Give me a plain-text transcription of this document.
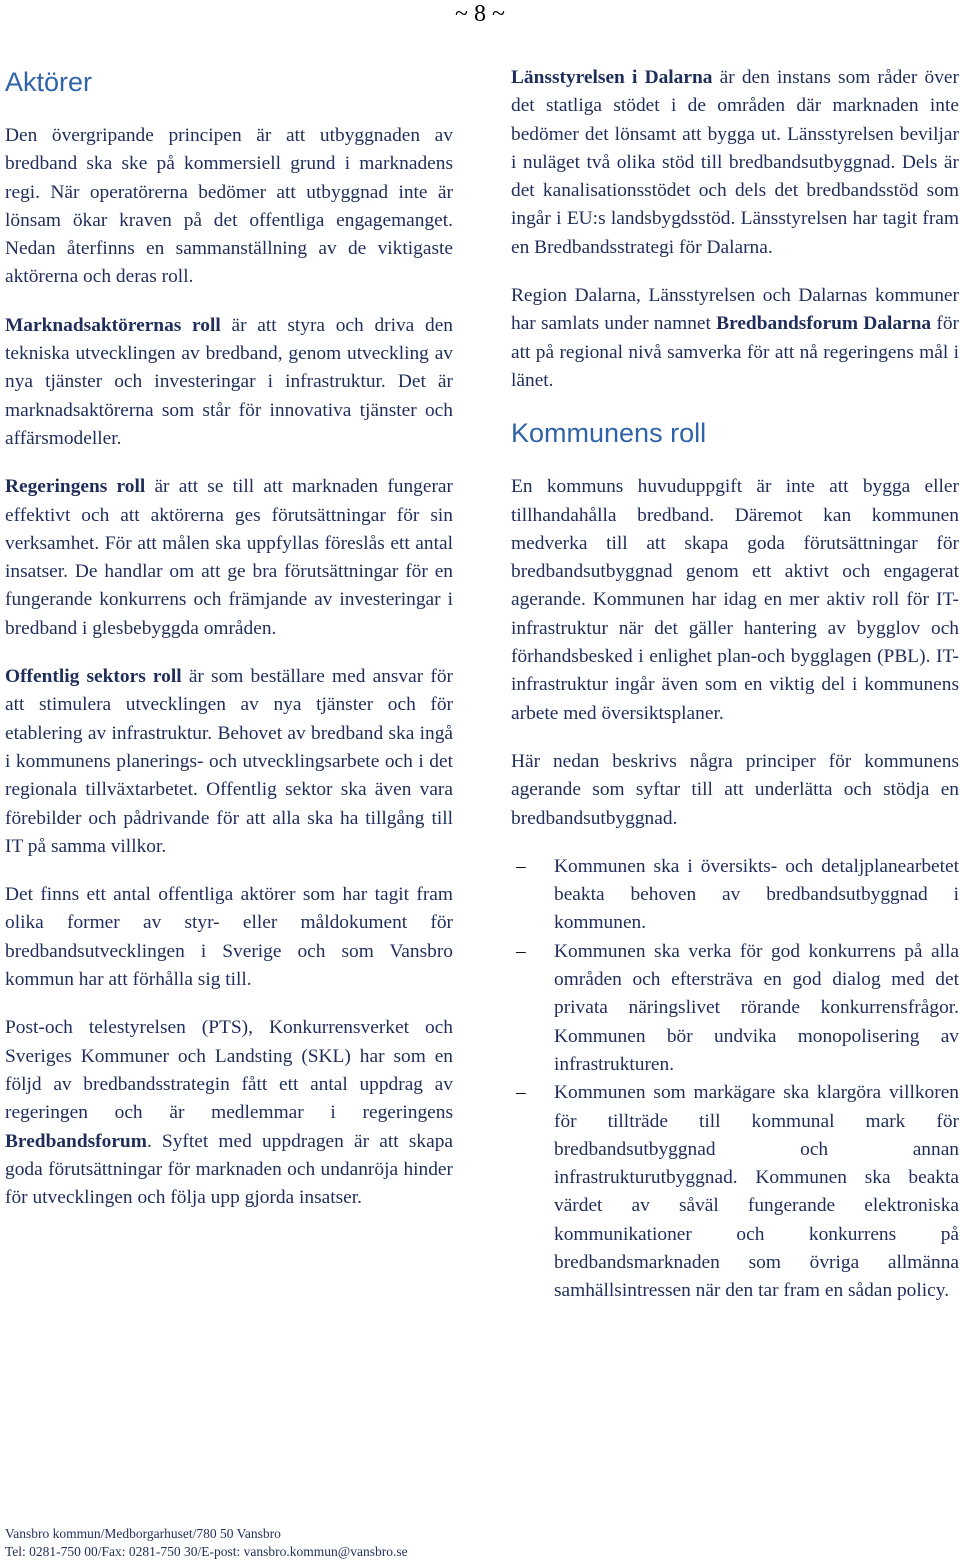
~ 8 ~
Aktörer

Den övergripande principen är att utbyggnaden av bredband ska ske på kommersiell grund i marknadens regi. När operatörerna bedömer att utbyggnad inte är lönsam ökar kraven på det offentliga engagemanget. Nedan återfinns en sammanställning av de viktigaste aktörerna och deras roll.

Marknadsaktörernas roll är att styra och driva den tekniska utvecklingen av bredband, genom utveckling av nya tjänster och investeringar i infrastruktur. Det är marknadsaktörerna som står för innovativa tjänster och affärsmodeller.

Regeringens roll är att se till att marknaden fungerar effektivt och att aktörerna ges förutsättningar för sin verksamhet. För att målen ska uppfyllas föreslås ett antal insatser. De handlar om att ge bra förutsättningar för en fungerande konkurrens och främjande av investeringar i bredband i glesbebyggda områden.

Offentlig sektors roll är som beställare med ansvar för att stimulera utvecklingen av nya tjänster och för etablering av infrastruktur. Behovet av bredband ska ingå i kommunens planerings- och utvecklingsarbete och i det regionala tillväxtarbetet. Offentlig sektor ska även vara förebilder och pådrivande för att alla ska ha tillgång till IT på samma villkor.

Det finns ett antal offentliga aktörer som har tagit fram olika former av styr- eller måldokument för bredbandsutvecklingen i Sverige och som Vansbro kommun har att förhålla sig till.

Post-och telestyrelsen (PTS), Konkurrensverket och Sveriges Kommuner och Landsting (SKL) har som en följd av bredbandsstrategin fått ett antal uppdrag av regeringen och är medlemmar i regeringens Bredbandsforum. Syftet med uppdragen är att skapa goda förutsättningar för marknaden och undanröja hinder för utvecklingen och följa upp gjorda insatser.

Länsstyrelsen i Dalarna är den instans som råder över det statliga stödet i de områden där marknaden inte bedömer det lönsamt att bygga ut. Länsstyrelsen beviljar i nuläget två olika stöd till bredbandsutbyggnad. Dels är det kanalisationsstödet och dels det bredbandsstöd som ingår i EU:s landsbygdsstöd. Länsstyrelsen har tagit fram en Bredbandsstrategi för Dalarna.

Region Dalarna, Länsstyrelsen och Dalarnas kommuner har samlats under namnet Bredbandsforum Dalarna för att på regional nivå samverka för att nå regeringens mål i länet.

Kommunens roll

En kommuns huvuduppgift är inte att bygga eller tillhandahålla bredband. Däremot kan kommunen medverka till att skapa goda förutsättningar för bredbandsutbyggnad genom ett aktivt och engagerat agerande. Kommunen har idag en mer aktiv roll för IT-infrastruktur när det gäller hantering av bygglov och förhandsbesked i enlighet plan-och bygglagen (PBL). IT-infrastruktur ingår även som en viktig del i kommunens arbete med översiktsplaner.

Här nedan beskrivs några principer för kommunens agerande som syftar till att underlätta och stödja en bredbandsutbyggnad.

– Kommunen ska i översikts- och detaljplanearbetet beakta behoven av bredbandsutbyggnad i kommunen.
– Kommunen ska verka för god konkurrens på alla områden och eftersträva en god dialog med det privata näringslivet rörande konkurrensfrågor. Kommunen bör undvika monopolisering av infrastrukturen.
– Kommunen som markägare ska klargöra villkoren för tillträde till kommunal mark för bredbandsutbyggnad och annan infrastrukturutbyggnad. Kommunen ska beakta värdet av såväl fungerande elektroniska kommunikationer och konkurrens på bredbandsmarknaden som övriga allmänna samhällsintressen när den tar fram en sådan policy.
Vansbro kommun/Medborgarhuset/780 50 Vansbro
Tel: 0281-750 00/Fax: 0281-750 30/E-post: vansbro.kommun@vansbro.se
